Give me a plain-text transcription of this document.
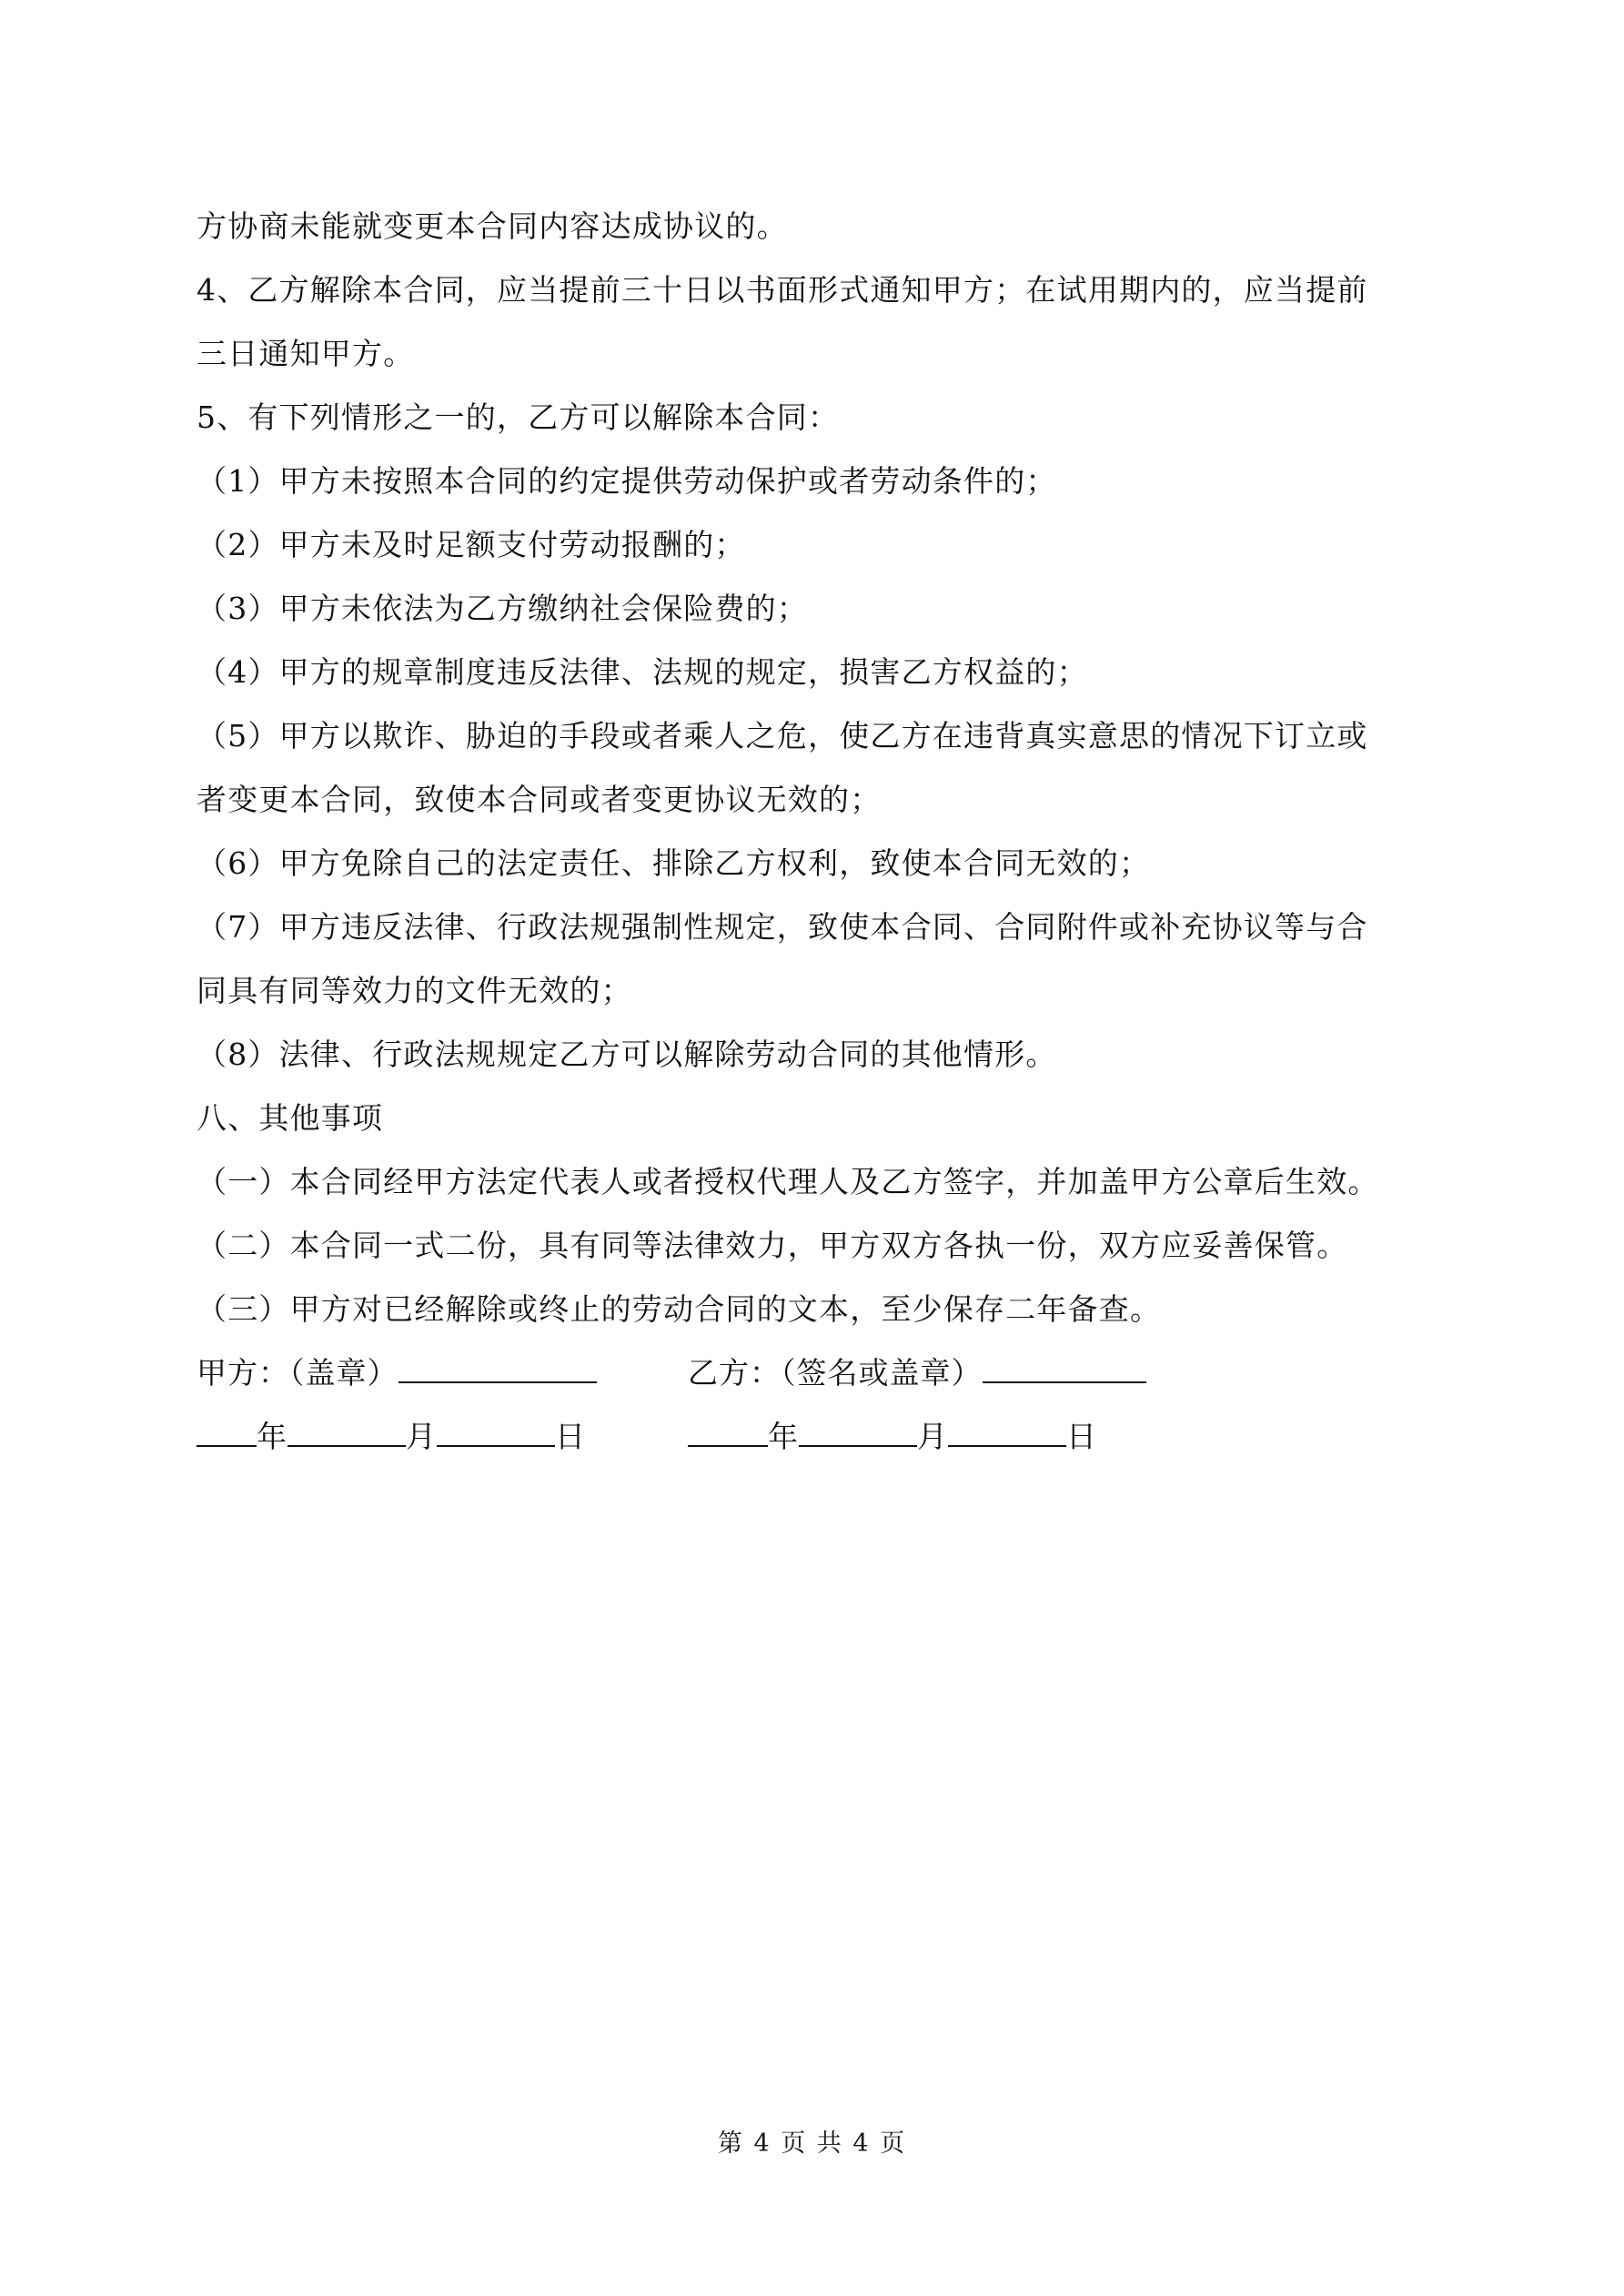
方协商未能就变更本合同内容达成协议的。
4、乙方解除本合同，应当提前三十日以书面形式通知甲方；在试用期内的，应当提前
三日通知甲方。
5、有下列情形之一的，乙方可以解除本合同：
（1）甲方未按照本合同的约定提供劳动保护或者劳动条件的；
（2）甲方未及时足额支付劳动报酬的；
（3）甲方未依法为乙方缴纳社会保险费的；
（4）甲方的规章制度违反法律、法规的规定，损害乙方权益的；
（5）甲方以欺诈、胁迫的手段或者乘人之危，使乙方在违背真实意思的情况下订立或
者变更本合同，致使本合同或者变更协议无效的；
（6）甲方免除自己的法定责任、排除乙方权利，致使本合同无效的；
（7）甲方违反法律、行政法规强制性规定，致使本合同、合同附件或补充协议等与合
同具有同等效力的文件无效的；
（8）法律、行政法规规定乙方可以解除劳动合同的其他情形。
八、其他事项
（一）本合同经甲方法定代表人或者授权代理人及乙方签字，并加盖甲方公章后生效。
（二）本合同一式二份，具有同等法律效力，甲方双方各执一份，双方应妥善保管。
（三）甲方对已经解除或终止的劳动合同的文本，至少保存二年备查。
甲方：（盖章）	乙方：（签名或盖章）
年	月	日	年	月	日
第 4 页 共 4 页
